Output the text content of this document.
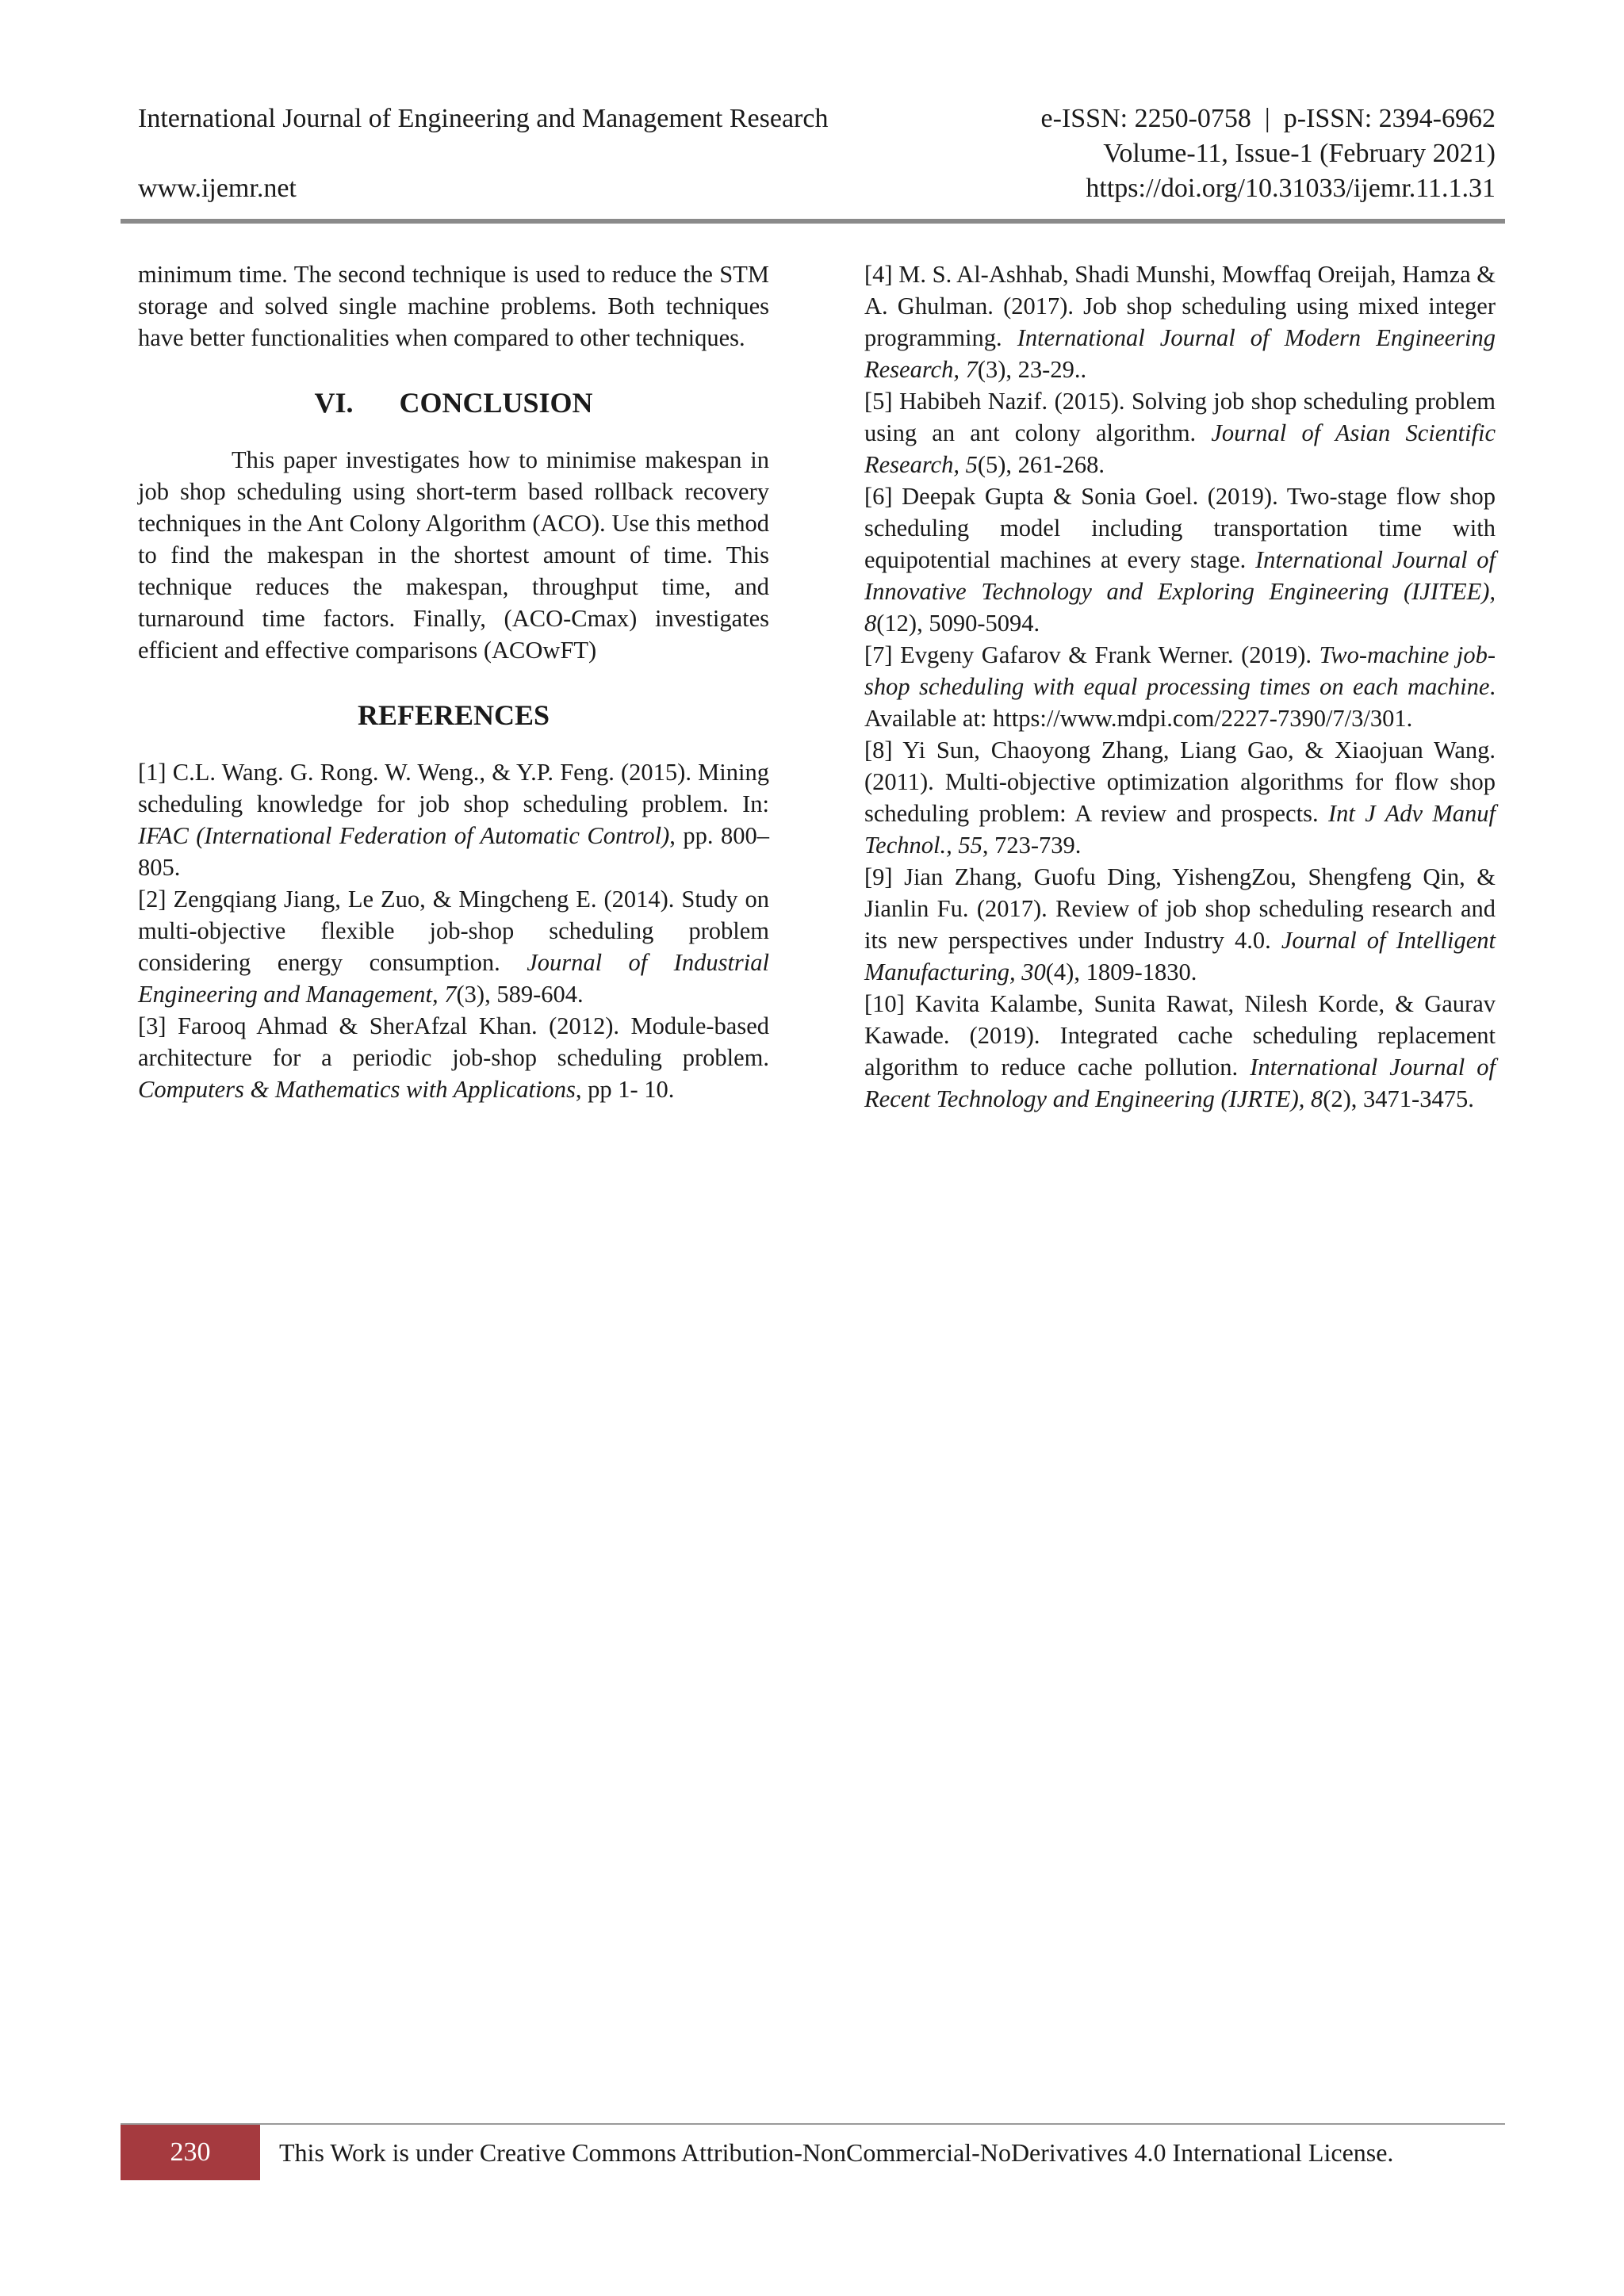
International Journal of Engineering and Management Research	e-ISSN: 2250-0758  |  p-ISSN: 2394-6962
Volume-11, Issue-1 (February 2021)
www.ijemr.net	https://doi.org/10.31033/ijemr.11.1.31

minimum time. The second technique is used to reduce the STM storage and solved single machine problems. Both techniques have better functionalities when compared to other techniques.

VI. CONCLUSION

This paper investigates how to minimise makespan in job shop scheduling using short-term based rollback recovery techniques in the Ant Colony Algorithm (ACO). Use this method to find the makespan in the shortest amount of time. This technique reduces the makespan, throughput time, and turnaround time factors. Finally, (ACO-Cmax) investigates efficient and effective comparisons (ACOwFT)

REFERENCES

[1] C.L. Wang. G. Rong. W. Weng., & Y.P. Feng. (2015). Mining scheduling knowledge for job shop scheduling problem. In: IFAC (International Federation of Automatic Control), pp. 800–805.

[2] Zengqiang Jiang, Le Zuo, & Mingcheng E. (2014). Study on multi-objective flexible job-shop scheduling problem considering energy consumption. Journal of Industrial Engineering and Management, 7(3), 589-604.

[3] Farooq Ahmad & SherAfzal Khan. (2012). Module-based architecture for a periodic job-shop scheduling problem. Computers & Mathematics with Applications, pp 1- 10.

[4] M. S. Al-Ashhab, Shadi Munshi, Mowffaq Oreijah, Hamza & A. Ghulman. (2017). Job shop scheduling using mixed integer programming. International Journal of Modern Engineering Research, 7(3), 23-29..

[5] Habibeh Nazif. (2015). Solving job shop scheduling problem using an ant colony algorithm. Journal of Asian Scientific Research, 5(5), 261-268.

[6] Deepak Gupta & Sonia Goel. (2019). Two-stage flow shop scheduling model including transportation time with equipotential machines at every stage. International Journal of Innovative Technology and Exploring Engineering (IJITEE), 8(12), 5090-5094.

[7] Evgeny Gafarov & Frank Werner. (2019). Two-machine job-shop scheduling with equal processing times on each machine. Available at: https://www.mdpi.com/2227-7390/7/3/301.

[8] Yi Sun, Chaoyong Zhang, Liang Gao, & Xiaojuan Wang. (2011). Multi-objective optimization algorithms for flow shop scheduling problem: A review and prospects. Int J Adv Manuf Technol., 55, 723-739.

[9] Jian Zhang, Guofu Ding, YishengZou, Shengfeng Qin, & Jianlin Fu. (2017). Review of job shop scheduling research and its new perspectives under Industry 4.0. Journal of Intelligent Manufacturing, 30(4), 1809-1830.

[10] Kavita Kalambe, Sunita Rawat, Nilesh Korde, & Gaurav Kawade. (2019). Integrated cache scheduling replacement algorithm to reduce cache pollution. International Journal of Recent Technology and Engineering (IJRTE), 8(2), 3471-3475.

230	This Work is under Creative Commons Attribution-NonCommercial-NoDerivatives 4.0 International License.
